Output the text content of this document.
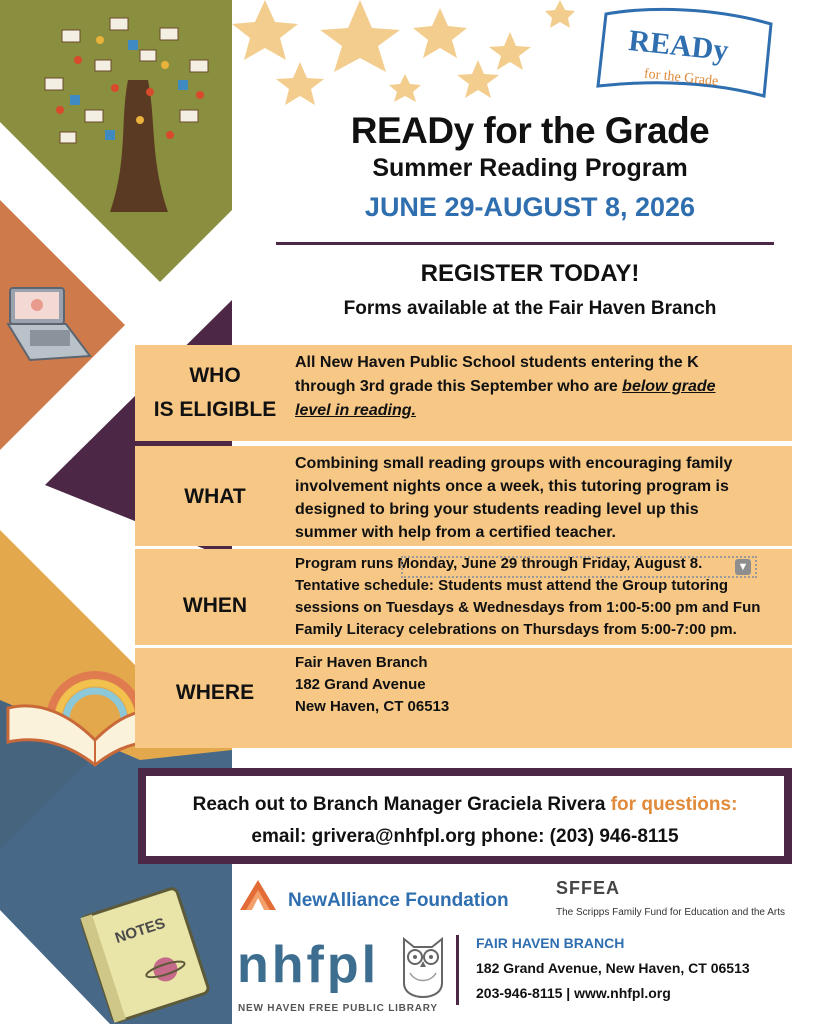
NOTES
READy
for the Grade
READy for the Grade
Summer Reading Program
JUNE 29-AUGUST 8, 2026
REGISTER TODAY!
Forms available at the Fair Haven Branch
WHO
IS ELIGIBLE
All New Haven Public School students entering the K
through 3rd grade this September who are below grade
level in reading.
WHAT
Combining small reading groups with encouraging family
involvement nights once a week, this tutoring program is
designed to bring your students reading level up this
summer with help from a certified teacher.
WHEN
Program runs Monday, June 29 through Friday, August 8.
Tentative schedule: Students must attend the Group tutoring
sessions on Tuesdays & Wednesdays from 1:00-5:00 pm and Fun
Family Literacy celebrations on Thursdays from 5:00-7:00 pm.
▼
WHERE
Fair Haven Branch
182 Grand Avenue
New Haven, CT 06513
Reach out to Branch Manager Graciela Rivera for questions:
email: grivera@nhfpl.org phone: (203) 946-8115
NewAlliance Foundation
SFFEA
The Scripps Family Fund for Education and the Arts
nhfpl
NEW HAVEN FREE PUBLIC LIBRARY
FAIR HAVEN BRANCH
182 Grand Avenue, New Haven, CT 06513
203-946-8115 | www.nhfpl.org
